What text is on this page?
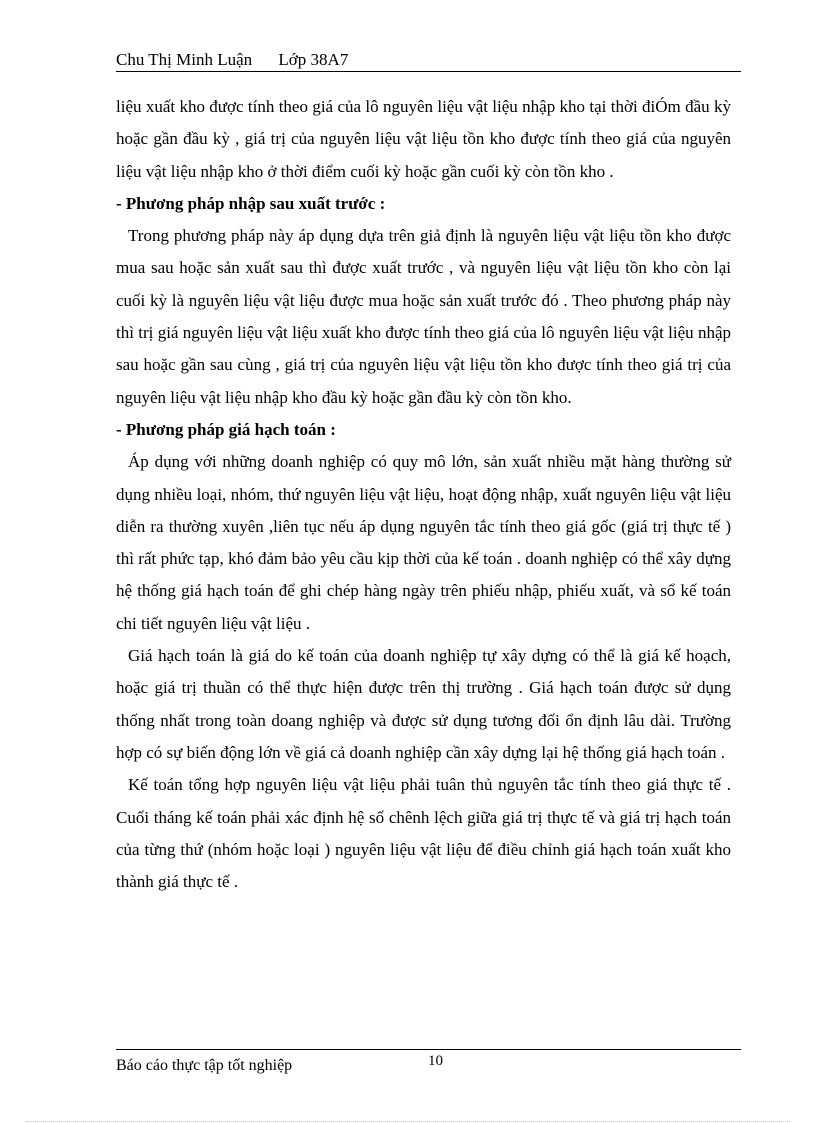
Chu Thị Minh Luận Lớp 38A7

liệu xuất kho được tính theo giá của lô nguyên liệu vật liệu nhập kho tại thời điÓm đầu kỳ hoặc gần đầu kỳ , giá trị của nguyên liệu vật liệu tồn kho được tính theo giá của nguyên liệu vật liệu nhập kho ở thời điểm cuối kỳ hoặc gần cuối kỳ còn tồn kho .

- Phương pháp nhập sau xuất trước :

Trong phương pháp này áp dụng dựa trên giả định là nguyên liệu vật liệu tồn kho được mua sau hoặc sản xuất sau thì được xuất trước , và nguyên liệu vật liệu tồn kho còn lại cuối kỳ là nguyên liệu vật liệu được mua hoặc sản xuất trước đó . Theo phương pháp này thì trị giá nguyên liệu vật liệu xuất kho được tính theo giá của lô nguyên liệu vật liệu nhập sau hoặc gần sau cùng , giá trị của nguyên liệu vật liệu tồn kho được tính theo giá trị của nguyên liệu vật liệu nhập kho đầu kỳ hoặc gần đầu kỳ còn tồn kho.

- Phương pháp giá hạch toán :

Áp dụng với những doanh nghiệp có quy mô lớn, sản xuất nhiều mặt hàng thường sử dụng nhiều loại, nhóm, thứ nguyên liệu vật liệu, hoạt động nhập, xuất nguyên liệu vật liệu diễn ra thường xuyên ,liên tục nếu áp dụng nguyên tắc tính theo giá gốc (giá trị thực tế ) thì rất phức tạp, khó đảm bảo yêu cầu kịp thời của kế toán . doanh nghiệp có thể xây dựng hệ thống giá hạch toán để ghi chép hàng ngày trên phiếu nhập, phiếu xuất, và sổ kế toán chi tiết nguyên liệu vật liệu .

Giá hạch toán là giá do kế toán của doanh nghiệp tự xây dựng có thể là giá kế hoạch, hoặc giá trị thuần có thể thực hiện được trên thị trường . Giá hạch toán được sử dụng thống nhất trong toàn doang nghiệp và được sử dụng tương đối ổn định lâu dài. Trường hợp có sự biến động lớn về giá cả doanh nghiệp cần xây dựng lại hệ thống giá hạch toán .

Kế toán tổng hợp nguyên liệu vật liệu phải tuân thủ nguyên tắc tính theo giá thực tế . Cuối tháng kế toán phải xác định hệ số chênh lệch giữa giá trị thực tế và giá trị hạch toán của từng thứ (nhóm hoặc loại ) nguyên liệu vật liệu để điều chỉnh giá hạch toán xuất kho thành giá thực tế .

Báo cáo thực tập tốt nghiệp	10
